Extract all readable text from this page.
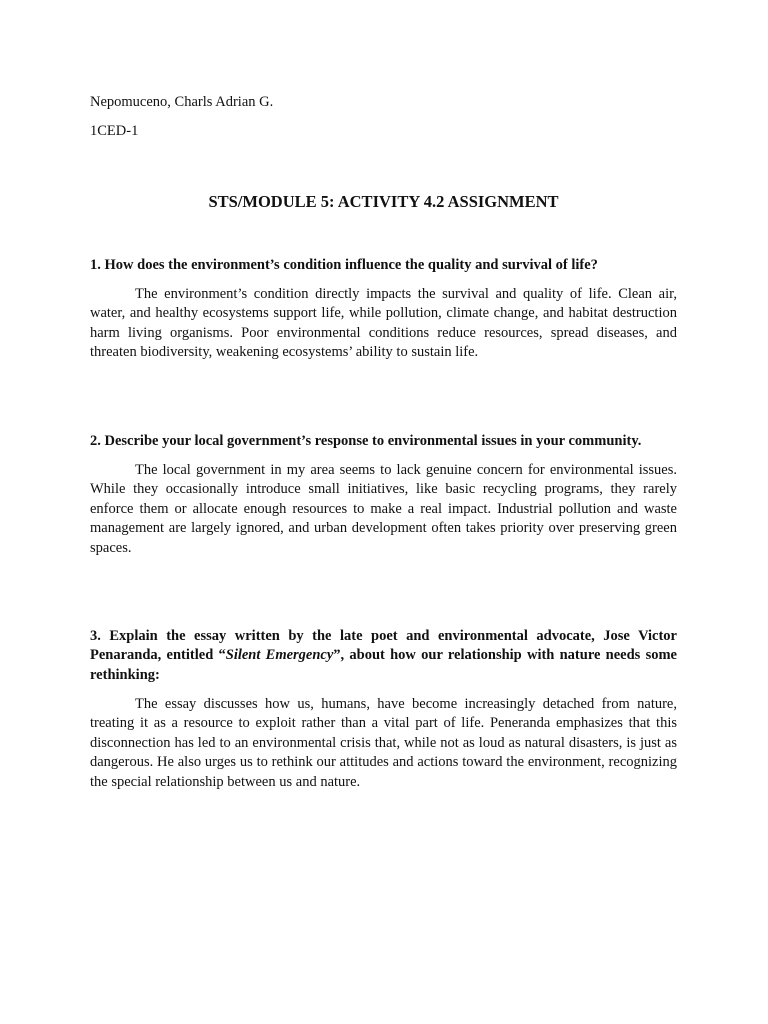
Nepomuceno, Charls Adrian G.

1CED-1

STS/MODULE 5: ACTIVITY 4.2 ASSIGNMENT

1. How does the environment’s condition influence the quality and survival of life?

The environment’s condition directly impacts the survival and quality of life. Clean air, water, and healthy ecosystems support life, while pollution, climate change, and habitat destruction harm living organisms. Poor environmental conditions reduce resources, spread diseases, and threaten biodiversity, weakening ecosystems’ ability to sustain life.

2. Describe your local government’s response to environmental issues in your community.

The local government in my area seems to lack genuine concern for environmental issues. While they occasionally introduce small initiatives, like basic recycling programs, they rarely enforce them or allocate enough resources to make a real impact. Industrial pollution and waste management are largely ignored, and urban development often takes priority over preserving green spaces.

3. Explain the essay written by the late poet and environmental advocate, Jose Victor Penaranda, entitled “Silent Emergency”, about how our relationship with nature needs some rethinking:

The essay discusses how us, humans, have become increasingly detached from nature, treating it as a resource to exploit rather than a vital part of life. Peneranda emphasizes that this disconnection has led to an environmental crisis that, while not as loud as natural disasters, is just as dangerous. He also urges us to rethink our attitudes and actions toward the environment, recognizing the special relationship between us and nature.
